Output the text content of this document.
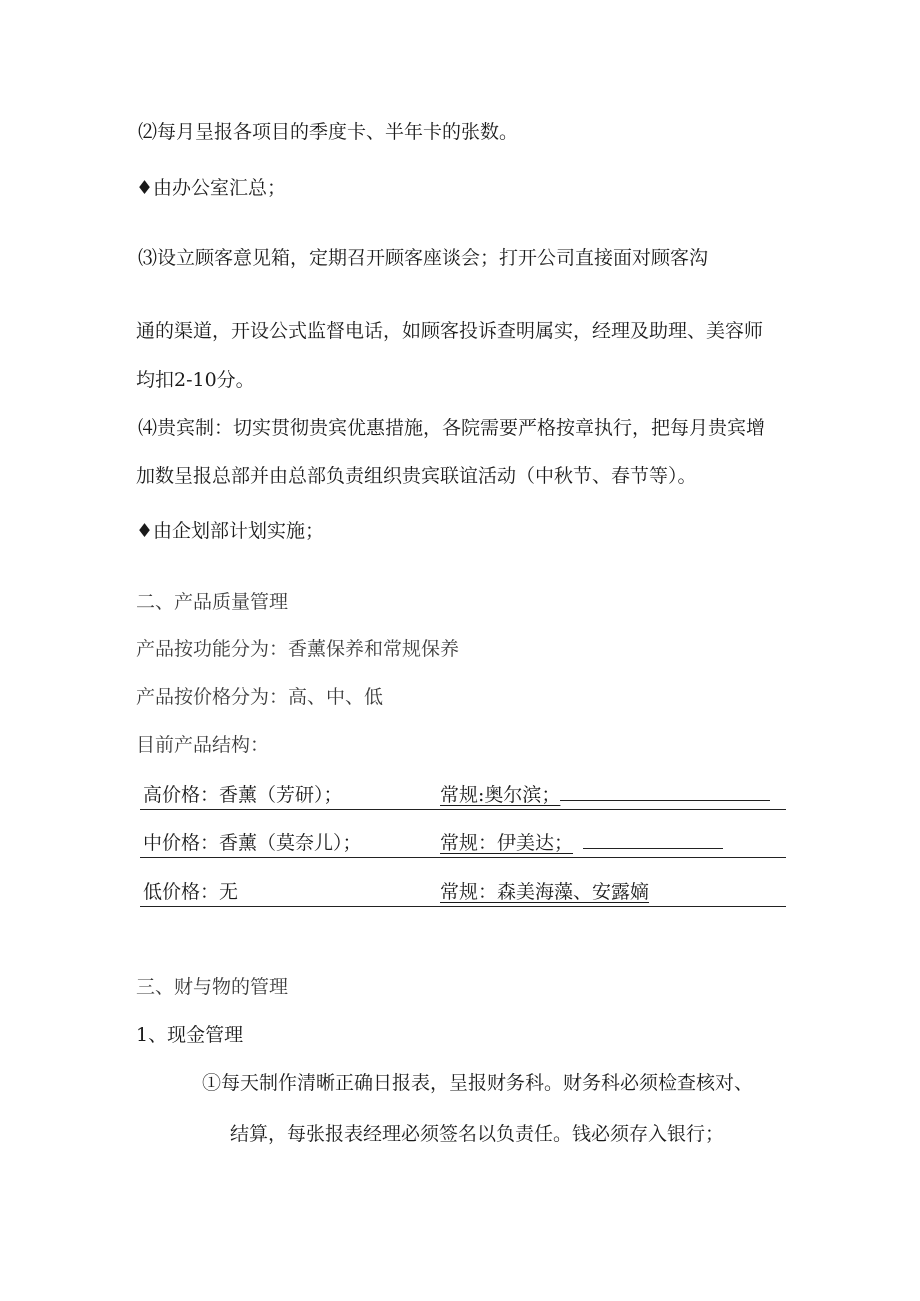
⑵每月呈报各项目的季度卡、半年卡的张数。
♦由办公室汇总；
⑶设立顾客意见箱，定期召开顾客座谈会；打开公司直接面对顾客沟
通的渠道，开设公式监督电话，如顾客投诉查明属实，经理及助理、美容师
均扣2-10分。
⑷贵宾制：切实贯彻贵宾优惠措施，各院需要严格按章执行，把每月贵宾增
加数呈报总部并由总部负责组织贵宾联谊活动（中秋节、春节等）。
♦由企划部计划实施；
二、产品质量管理
产品按功能分为：香薰保养和常规保养
产品按价格分为：高、中、低
目前产品结构：
高价格：香薰（芳研）；	常规:奥尔滨；
中价格：香薰（莫奈儿）；	常规：伊美达；
低价格：无	常规：森美海藻、安露嫡
三、财与物的管理
1、现金管理
①每天制作清晰正确日报表，呈报财务科。财务科必须检查核对、
结算，每张报表经理必须签名以负责任。钱必须存入银行；
